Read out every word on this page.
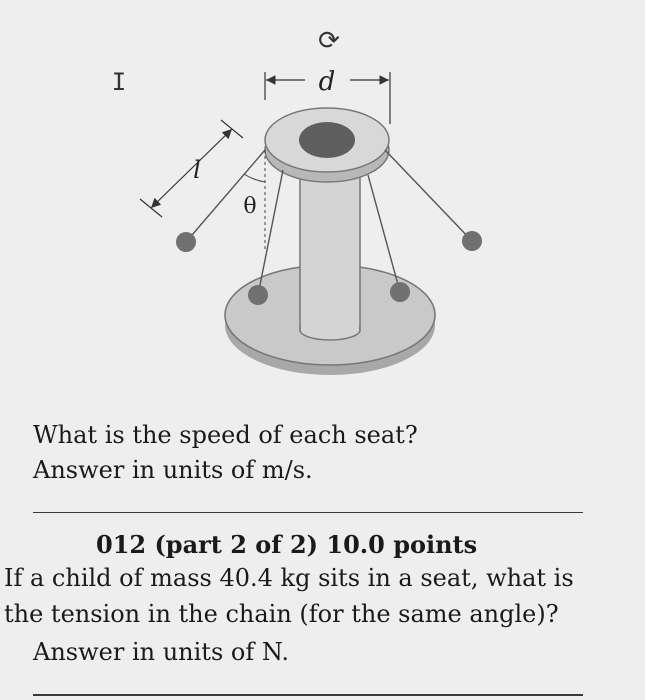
⟳
d
l
θ
I
What is the speed of each seat?
Answer in units of m/s.
012 (part 2 of 2) 10.0 points
If a child of mass 40.4 kg sits in a seat, what is
the tension in the chain (for the same angle)?
Answer in units of N.
